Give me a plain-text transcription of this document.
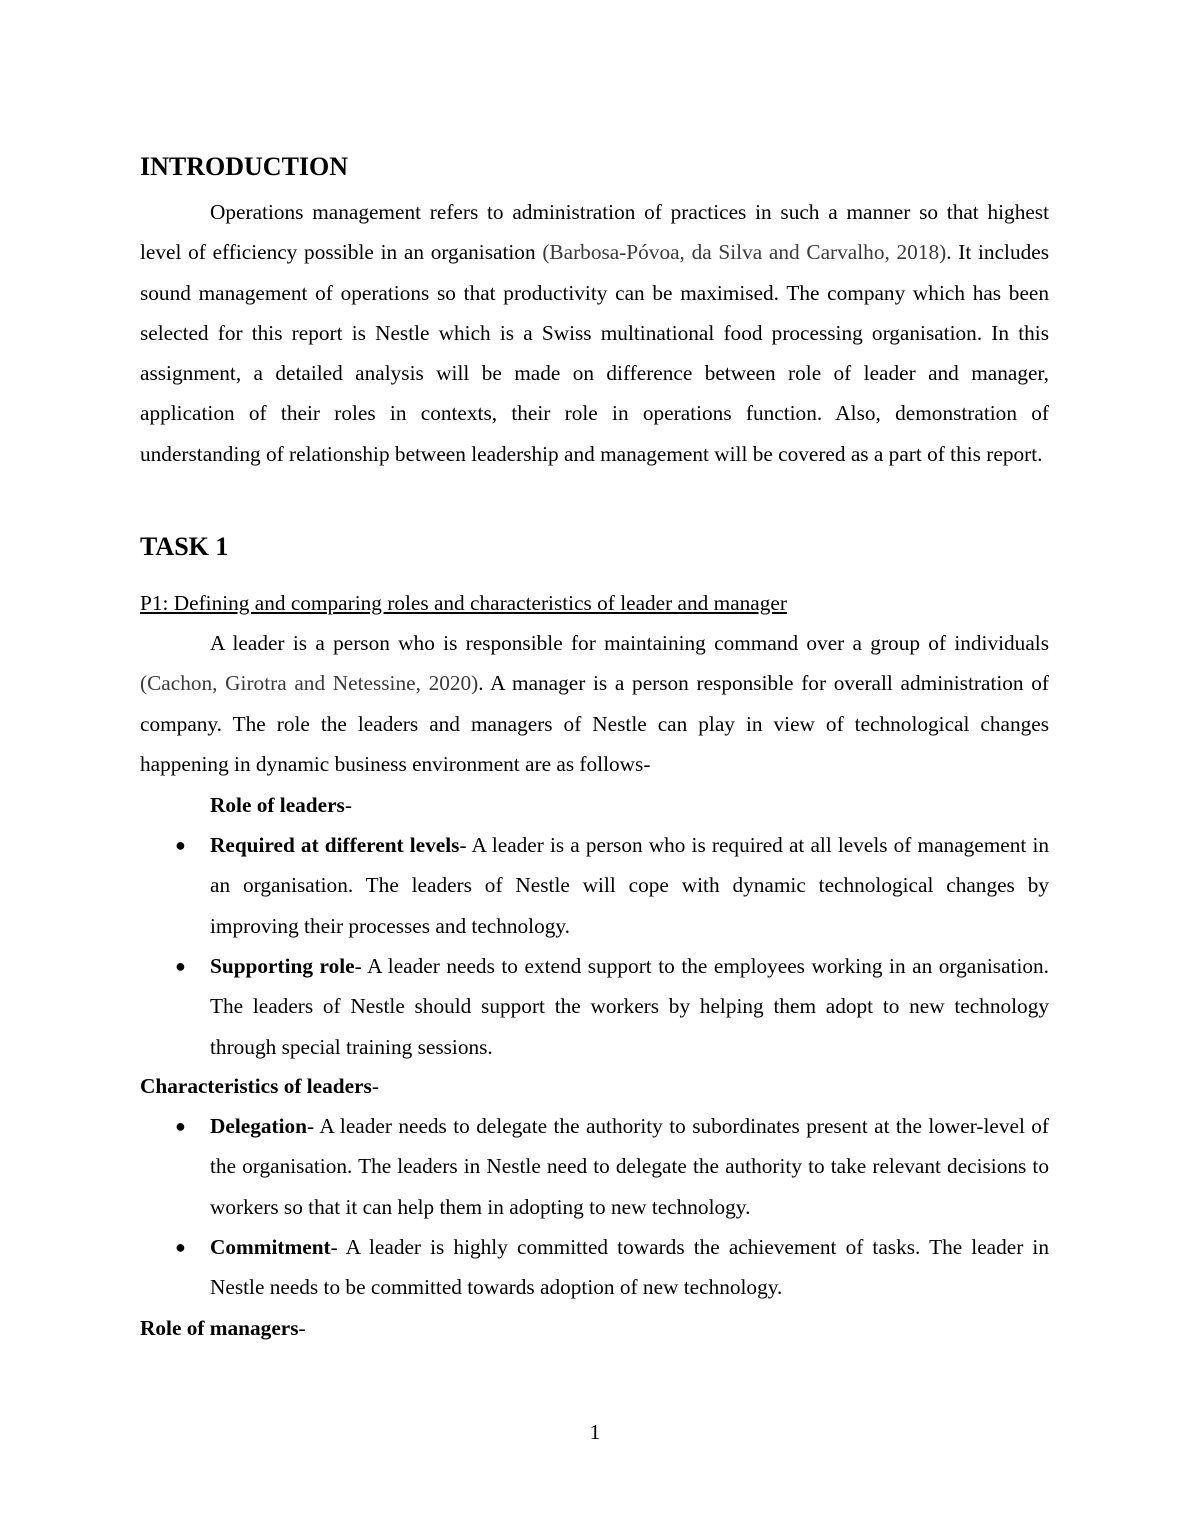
INTRODUCTION
Operations management refers to administration of practices in such a manner so that highest level of efficiency possible in an organisation (Barbosa-Póvoa, da Silva and Carvalho, 2018). It includes sound management of operations so that productivity can be maximised. The company which has been selected for this report is Nestle which is a Swiss multinational food processing organisation. In this assignment, a detailed analysis will be made on difference between role of leader and manager, application of their roles in contexts, their role in operations function. Also, demonstration of understanding of relationship between leadership and management will be covered as a part of this report.
TASK 1
P1: Defining and comparing roles and characteristics of leader and manager
A leader is a person who is responsible for maintaining command over a group of individuals (Cachon, Girotra and Netessine, 2020). A manager is a person responsible for overall administration of company. The role the leaders and managers of Nestle can play in view of technological changes happening in dynamic business environment are as follows-
Role of leaders-
● Required at different levels- A leader is a person who is required at all levels of management in an organisation. The leaders of Nestle will cope with dynamic technological changes by improving their processes and technology.
● Supporting role- A leader needs to extend support to the employees working in an organisation. The leaders of Nestle should support the workers by helping them adopt to new technology through special training sessions.
Characteristics of leaders-
● Delegation- A leader needs to delegate the authority to subordinates present at the lower-level of the organisation. The leaders in Nestle need to delegate the authority to take relevant decisions to workers so that it can help them in adopting to new technology.
● Commitment- A leader is highly committed towards the achievement of tasks. The leader in Nestle needs to be committed towards adoption of new technology.
Role of managers-
1
